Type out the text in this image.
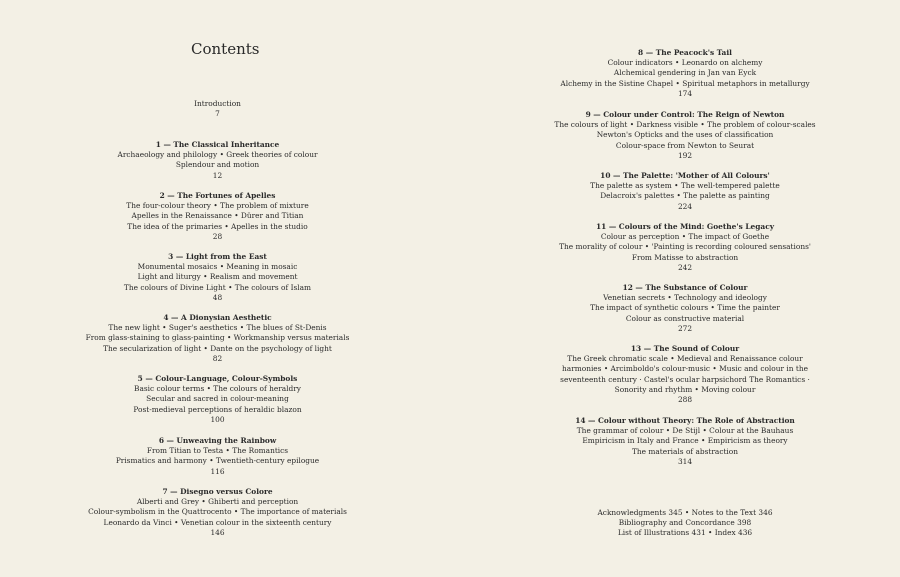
Contents
Introduction
7
1 — The Classical Inheritance
Archaeology and philology • Greek theories of colour
Splendour and motion
12
2 — The Fortunes of Apelles
The four-colour theory • The problem of mixture
Apelles in the Renaissance • Dürer and Titian
The idea of the primaries • Apelles in the studio
28
3 — Light from the East
Monumental mosaics • Meaning in mosaic
Light and liturgy • Realism and movement
The colours of Divine Light • The colours of Islam
48
4 — A Dionysian Aesthetic
The new light • Suger's aesthetics • The blues of St-Denis
From glass-staining to glass-painting • Workmanship versus materials
The secularization of light • Dante on the psychology of light
82
5 — Colour-Language, Colour-Symbols
Basic colour terms • The colours of heraldry
Secular and sacred in colour-meaning
Post-medieval perceptions of heraldic blazon
100
6 — Unweaving the Rainbow
From Titian to Testa • The Romantics
Prismatics and harmony • Twentieth-century epilogue
116
7 — Disegno versus Colore
Alberti and Grey • Ghiberti and perception
Colour-symbolism in the Quattrocento • The importance of materials
Leonardo da Vinci • Venetian colour in the sixteenth century
146
8 — The Peacock's Tail
Colour indicators • Leonardo on alchemy
Alchemical gendering in Jan van Eyck
Alchemy in the Sistine Chapel • Spiritual metaphors in metallurgy
174
9 — Colour under Control: The Reign of Newton
The colours of light • Darkness visible • The problem of colour-scales
Newton's Opticks and the uses of classification
Colour-space from Newton to Seurat
192
10 — The Palette: 'Mother of All Colours'
The palette as system • The well-tempered palette
Delacroix's palettes • The palette as painting
224
11 — Colours of the Mind: Goethe's Legacy
Colour as perception • The impact of Goethe
The morality of colour • 'Painting is recording coloured sensations'
From Matisse to abstraction
242
12 — The Substance of Colour
Venetian secrets • Technology and ideology
The impact of synthetic colours • Time the painter
Colour as constructive material
272
13 — The Sound of Colour
The Greek chromatic scale • Medieval and Renaissance colour harmonies • Arcimboldo's colour-music • Music and colour in the seventeenth century · Castel's ocular harpsichord The Romantics · Sonority and rhythm • Moving colour
288
14 — Colour without Theory: The Role of Abstraction
The grammar of colour • De Stijl • Colour at the Bauhaus
Empiricism in Italy and France • Empiricism as theory
The materials of abstraction
314
Acknowledgments 345 • Notes to the Text 346
Bibliography and Concordance 398
List of Illustrations 431 • Index 436
